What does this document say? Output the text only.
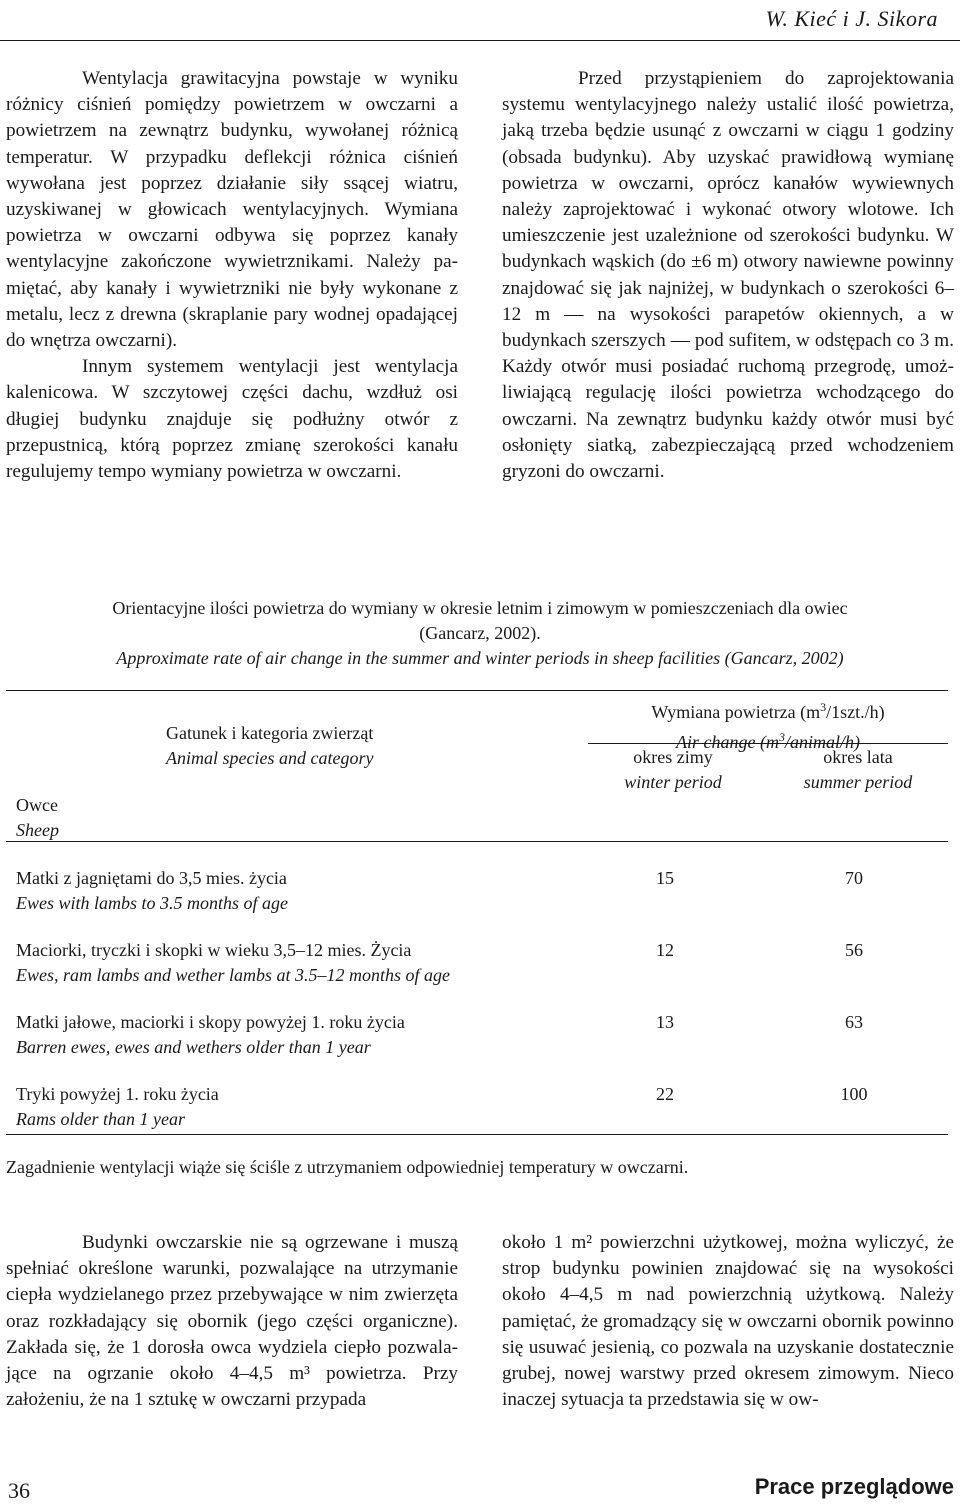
W. Kieć i J. Sikora

Wentylacja grawitacyjna powstaje w wyniku różnicy ciśnień pomiędzy powietrzem w owczarni a powietrzem na zewnątrz budynku, wywołanej różnicą temperatur. W przypadku deflekcji różnica ciśnień wywołana jest poprzez działanie siły ssącej wiatru, uzyskiwanej w głowicach wentylacyjnych. Wymiana powietrza w owczarni odbywa się poprzez kanały wentylacyjne zakończone wywietrznikami. Należy pamiętać, aby kanały i wywietrzniki nie były wykonane z metalu, lecz z drewna (skraplanie pary wodnej opadającej do wnętrza owczarni).

Innym systemem wentylacji jest wentylacja kalenicowa. W szczytowej części dachu, wzdłuż osi długiej budynku znajduje się podłużny otwór z przepustnicą, którą poprzez zmianę szerokości kanału regulujemy tempo wymiany powietrza w owczarni.

Przed przystąpieniem do zaprojektowania systemu wentylacyjnego należy ustalić ilość powietrza, jaką trzeba będzie usunąć z owczarni w ciągu 1 godziny (obsada budynku). Aby uzyskać prawidłową wymianę powietrza w owczarni, oprócz kanałów wywiewnych należy zaprojektować i wykonać otwory wlotowe. Ich umieszczenie jest uzależnione od szerokości budynku. W budynkach wąskich (do ±6 m) otwory nawiewne powinny znajdować się jak najniżej, w budynkach o szerokości 6–12 m — na wysokości parapetów okiennych, a w budynkach szerszych — pod sufitem, w odstępach co 3 m. Każdy otwór musi posiadać ruchomą przegrodę, umożliwiającą regulację ilości powietrza wchodzącego do owczarni. Na zewnątrz budynku każdy otwór musi być osłonięty siatką, zabezpieczającą przed wchodzeniem gryzoni do owczarni.

Orientacyjne ilości powietrza do wymiany w okresie letnim i zimowym w pomieszczeniach dla owiec
(Gancarz, 2002).
Approximate rate of air change in the summer and winter periods in sheep facilities (Gancarz, 2002)
Gatunek i kategoria zwierząt
Animal species and category
Wymiana powietrza $(m^3/1szt./h)$
Air change $(m^3/animal/h)$
okres zimy
winter period
okres lata
summer period
Owce
Sheep
Matki z jagniętami do 3,5 mies. życia
Ewes with lambs to 3.5 months of age
15	70
Maciorki, tryczki i skopki w wieku 3,5–12 mies. Życia
Ewes, ram lambs and wether lambs at 3.5–12 months of age
12	56
Matki jałowe, maciorki i skopy powyżej 1. roku życia
Barren ewes, ewes and wethers older than 1 year
13	63
Tryki powyżej 1. roku życia
Rams older than 1 year
22	100
Zagadnienie wentylacji wiąże się ściśle z utrzymaniem odpowiedniej temperatury w owczarni.

Budynki owczarskie nie są ogrzewane i muszą spełniać określone warunki, pozwalające na utrzymanie ciepła wydzielanego przez przebywające w nim zwierzęta oraz rozkładający się obornik (jego części organiczne). Zakłada się, że 1 dorosła owca wydziela ciepło pozwalające na ogrzanie około 4–4,5 m³ powietrza. Przy założeniu, że na 1 sztukę w owczarni przypada

około 1 m² powierzchni użytkowej, można wyliczyć, że strop budynku powinien znajdować się na wysokości około 4–4,5 m nad powierzchnią użytkową. Należy pamiętać, że gromadzący się w owczarni obornik powinno się usuwać jesienią, co pozwala na uzyskanie dostatecznie grubej, nowej warstwy przed okresem zimowym. Nieco inaczej sytuacja ta przedstawia się w ow-

36	Prace przeglądowe
